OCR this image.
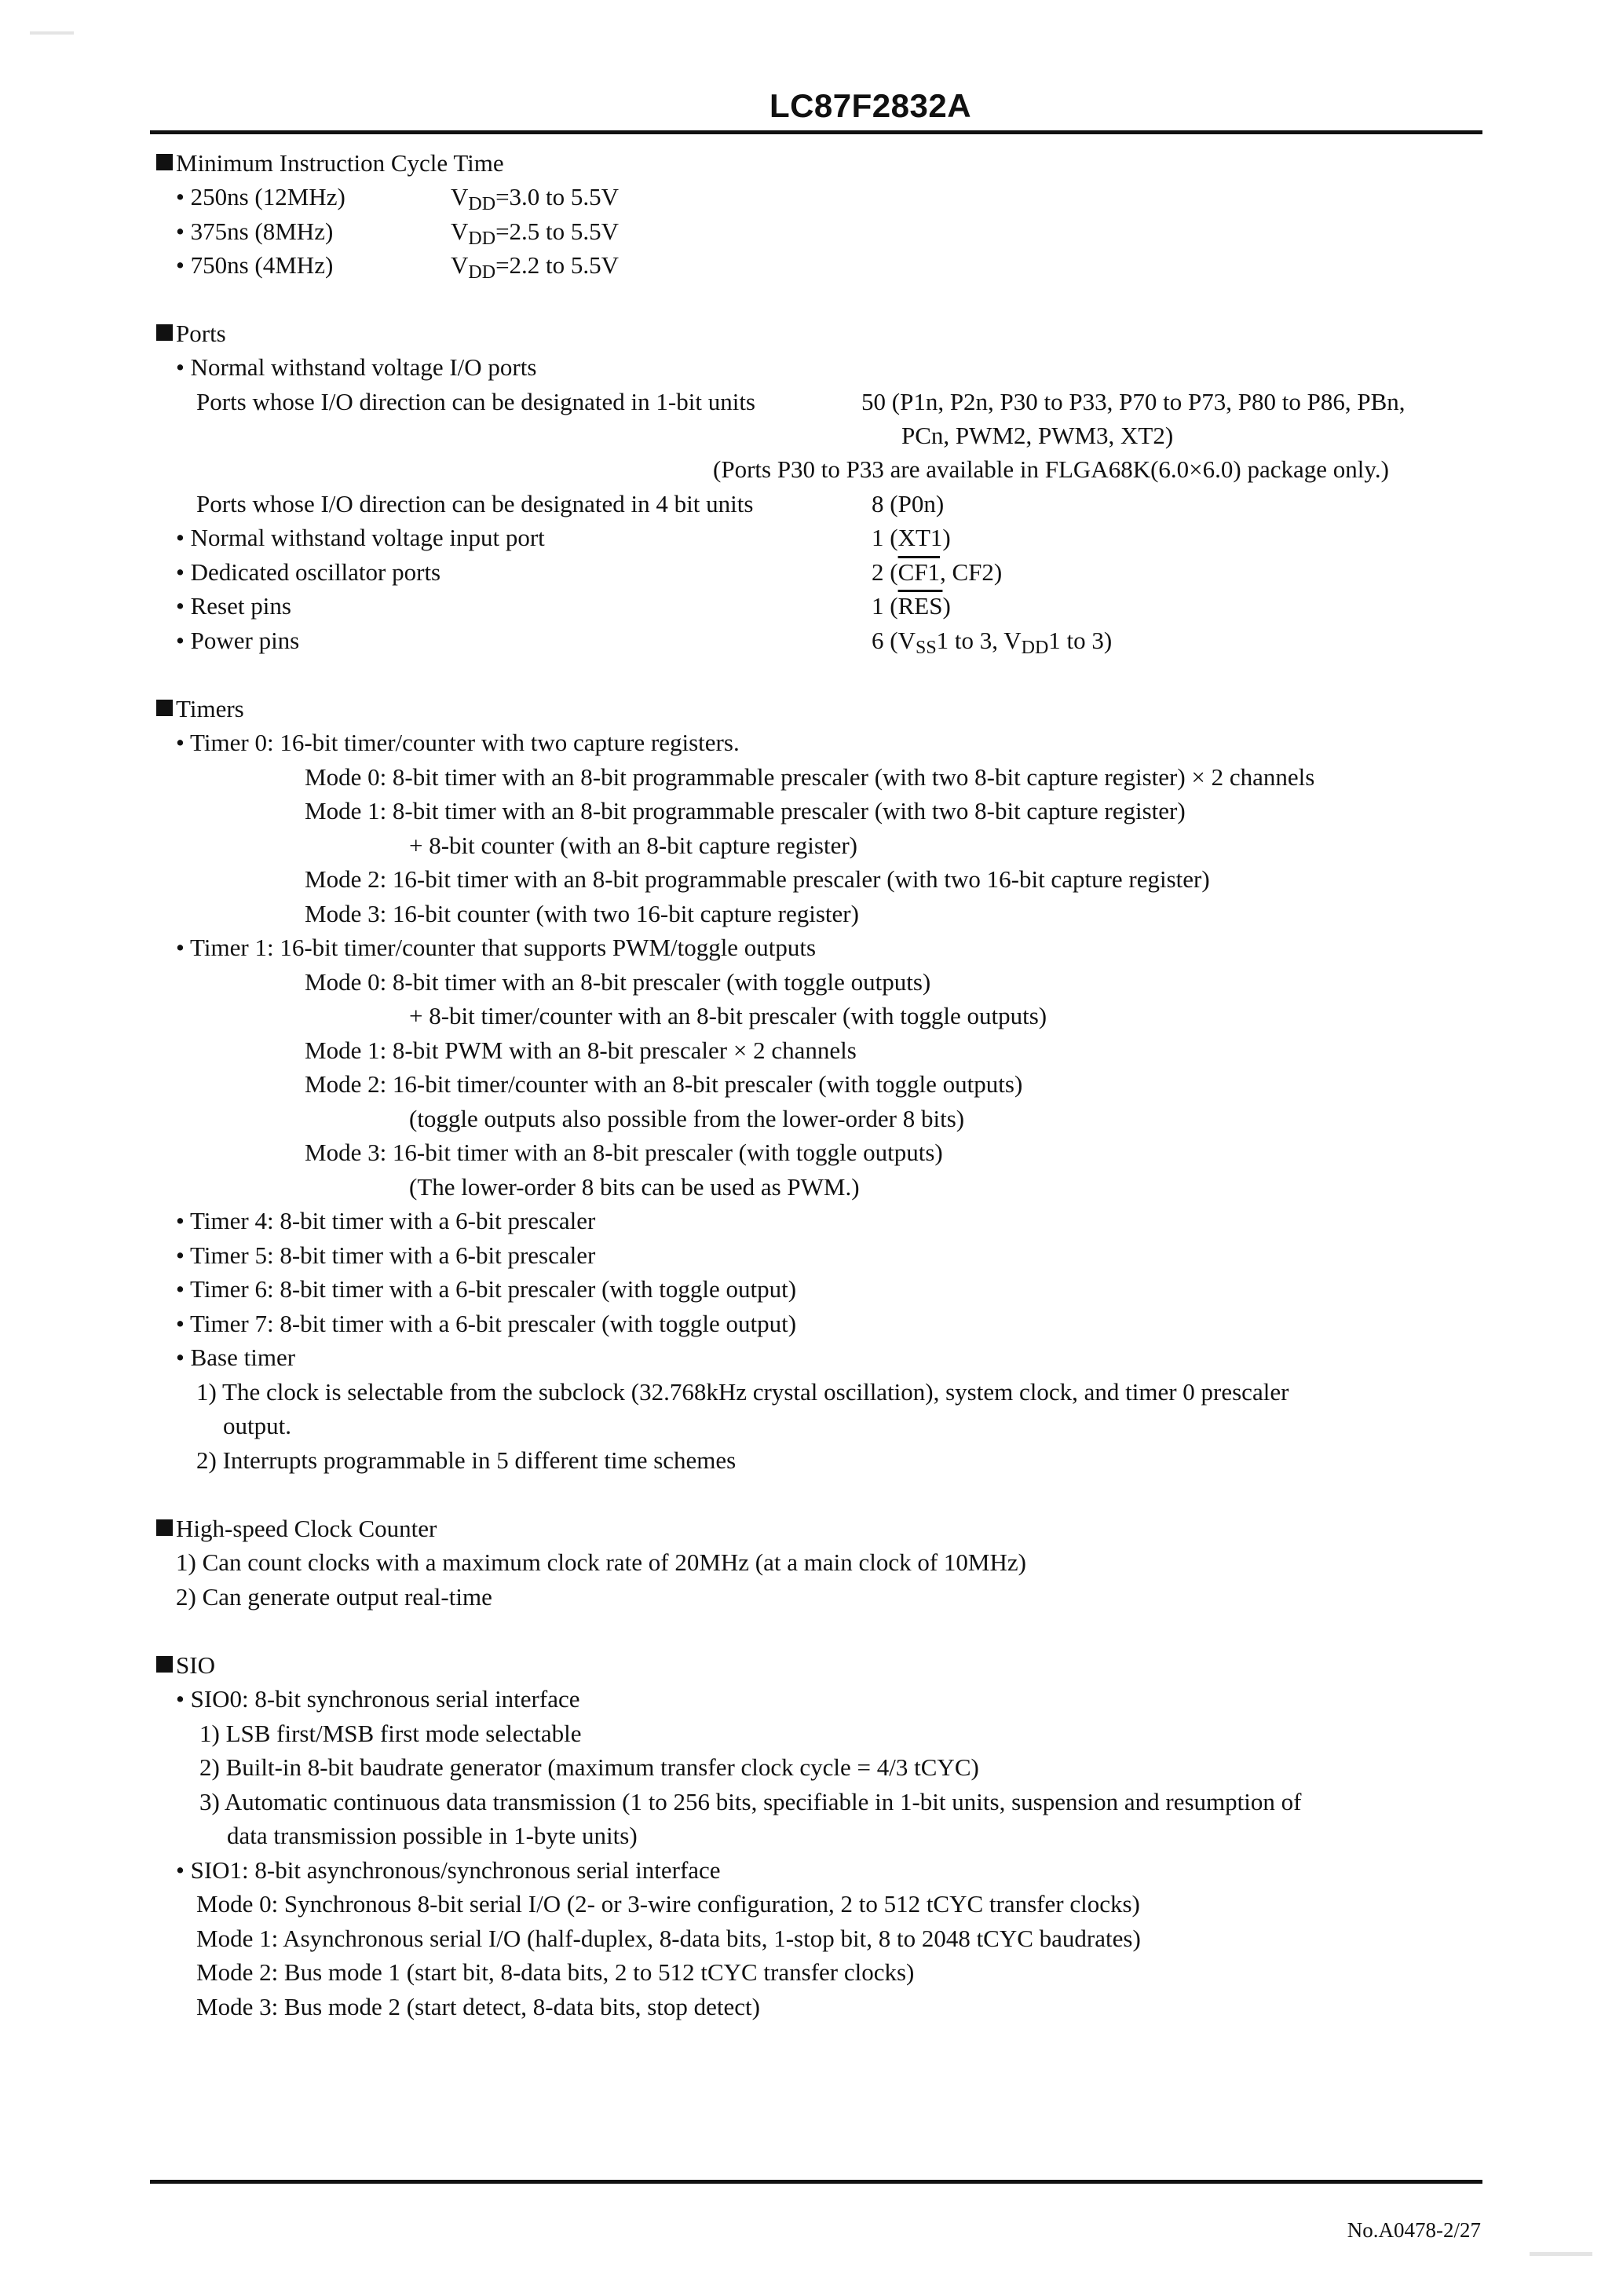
LC87F2832A
Minimum Instruction Cycle Time
• 250ns (12MHz)	$V_{DD}=3.0$ to 5.5V
• 375ns (8MHz)	$V_{DD}=2.5$ to 5.5V
• 750ns (4MHz)	$V_{DD}=2.2$ to 5.5V
Ports
• Normal withstand voltage I/O ports
Ports whose I/O direction can be designated in 1-bit units	50 (P1n, P2n, P30 to P33, P70 to P73, P80 to P86, PBn,
PCn, PWM2, PWM3, XT2)
(Ports P30 to P33 are available in FLGA68K(6.0×6.0) package only.)
Ports whose I/O direction can be designated in 4 bit units	8 (P0n)
• Normal withstand voltage input port	1 (XT1)
• Dedicated oscillator ports	2 (CF1, CF2)
• Reset pins	1 $(\overline{RES})$
• Power pins	6 ($V_{SS}1$ to 3, $V_{DD}1$ to 3)
Timers
• Timer 0: 16-bit timer/counter with two capture registers.
Mode 0: 8-bit timer with an 8-bit programmable prescaler (with two 8-bit capture register) × 2 channels
Mode 1: 8-bit timer with an 8-bit programmable prescaler (with two 8-bit capture register)
+ 8-bit counter (with an 8-bit capture register)
Mode 2: 16-bit timer with an 8-bit programmable prescaler (with two 16-bit capture register)
Mode 3: 16-bit counter (with two 16-bit capture register)
• Timer 1: 16-bit timer/counter that supports PWM/toggle outputs
Mode 0: 8-bit timer with an 8-bit prescaler (with toggle outputs)
+ 8-bit timer/counter with an 8-bit prescaler (with toggle outputs)
Mode 1: 8-bit PWM with an 8-bit prescaler × 2 channels
Mode 2: 16-bit timer/counter with an 8-bit prescaler (with toggle outputs)
(toggle outputs also possible from the lower-order 8 bits)
Mode 3: 16-bit timer with an 8-bit prescaler (with toggle outputs)
(The lower-order 8 bits can be used as PWM.)
• Timer 4: 8-bit timer with a 6-bit prescaler
• Timer 5: 8-bit timer with a 6-bit prescaler
• Timer 6: 8-bit timer with a 6-bit prescaler (with toggle output)
• Timer 7: 8-bit timer with a 6-bit prescaler (with toggle output)
• Base timer
1) The clock is selectable from the subclock (32.768kHz crystal oscillation), system clock, and timer 0 prescaler
output.
2) Interrupts programmable in 5 different time schemes
High-speed Clock Counter
1) Can count clocks with a maximum clock rate of 20MHz (at a main clock of 10MHz)
2) Can generate output real-time
SIO
• SIO0: 8-bit synchronous serial interface
1) LSB first/MSB first mode selectable
2) Built-in 8-bit baudrate generator (maximum transfer clock cycle = 4/3 tCYC)
3) Automatic continuous data transmission (1 to 256 bits, specifiable in 1-bit units, suspension and resumption of
data transmission possible in 1-byte units)
• SIO1: 8-bit asynchronous/synchronous serial interface
Mode 0: Synchronous 8-bit serial I/O (2- or 3-wire configuration, 2 to 512 tCYC transfer clocks)
Mode 1: Asynchronous serial I/O (half-duplex, 8-data bits, 1-stop bit, 8 to 2048 tCYC baudrates)
Mode 2: Bus mode 1 (start bit, 8-data bits, 2 to 512 tCYC transfer clocks)
Mode 3: Bus mode 2 (start detect, 8-data bits, stop detect)
No.A0478-2/27
